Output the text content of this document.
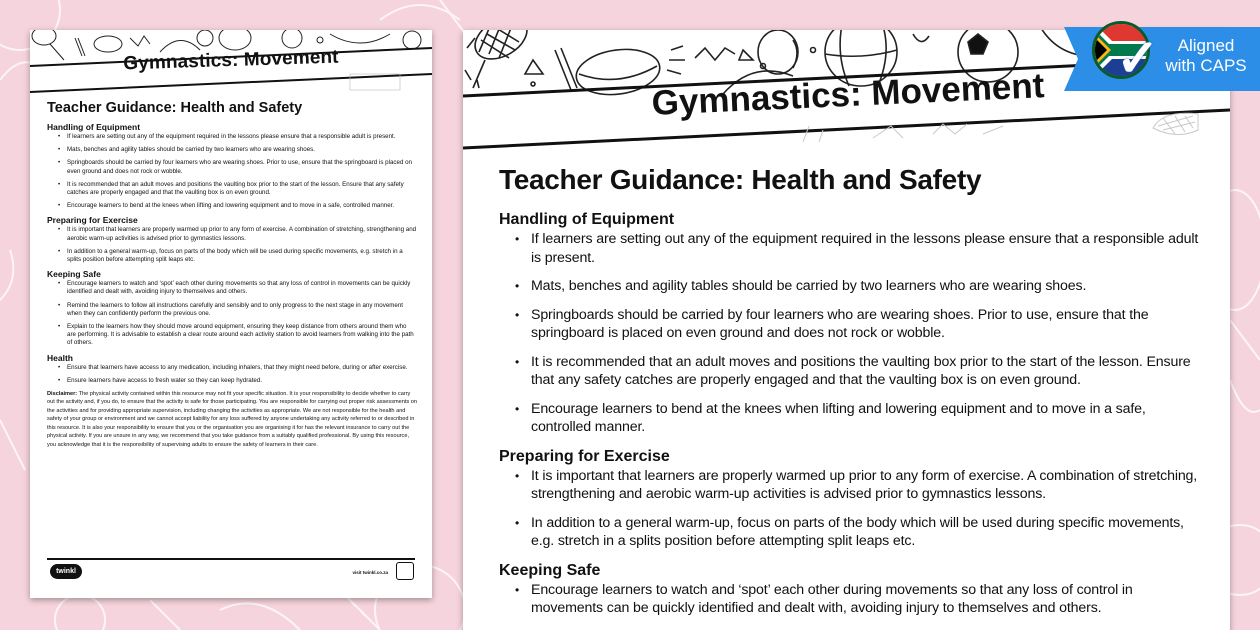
Gymnastics: Movement
Teacher Guidance: Health and Safety
Handling of Equipment
• If learners are setting out any of the equipment required in the lessons please ensure that a responsible adult is present.
• Mats, benches and agility tables should be carried by two learners who are wearing shoes.
• Springboards should be carried by four learners who are wearing shoes. Prior to use, ensure that the springboard is placed on even ground and does not rock or wobble.
• It is recommended that an adult moves and positions the vaulting box prior to the start of the lesson. Ensure that any safety catches are properly engaged and that the vaulting box is on even ground.
• Encourage learners to bend at the knees when lifting and lowering equipment and to move in a safe, controlled manner.
Preparing for Exercise
• It is important that learners are properly warmed up prior to any form of exercise. A combination of stretching, strengthening and aerobic warm-up activities is advised prior to gymnastics lessons.
• In addition to a general warm-up, focus on parts of the body which will be used during specific movements, e.g. stretch in a splits position before attempting split leaps etc.
Keeping Safe
• Encourage learners to watch and ‘spot’ each other during movements so that any loss of control in movements can be quickly identified and dealt with, avoiding injury to themselves and others.
• Remind the learners to follow all instructions carefully and sensibly and to only progress to the next stage in any movement when they can confidently perform the previous one.
• Explain to the learners how they should move around equipment, ensuring they keep distance from others around them who are performing. It is advisable to establish a clear route around each activity station to avoid learners from walking into the path of others.
Health
• Ensure that learners have access to any medication, including inhalers, that they might need before, during or after exercise.
• Ensure learners have access to fresh water so they can keep hydrated.
Disclaimer: The physical activity contained within this resource may not fit your specific situation. It is your responsibility to decide whether to carry out the activity and, if you do, to ensure that the activity is safe for those participating. You are responsible for carrying out proper risk assessments on the activities and for providing appropriate supervision, including changing the activities as appropriate. We are not responsible for the health and safety of your group or environment and we cannot accept liability for any loss suffered by anyone undertaking any activity referred to or described in this resource. It is also your responsibility to ensure that you or the organisation you are organising it for has the relevant insurance to carry out the physical activity. If you are unsure in any way, we recommend that you take guidance from a suitably qualified professional. By using this resource, you acknowledge that it is the responsibility of supervising adults to ensure the safety of learners in their care.
twinkl	visit twinkl.co.za
Gymnastics: Movement
Teacher Guidance: Health and Safety
Handling of Equipment
• If learners are setting out any of the equipment required in the lessons please ensure that a responsible adult is present.
• Mats, benches and agility tables should be carried by two learners who are wearing shoes.
• Springboards should be carried by four learners who are wearing shoes. Prior to use, ensure that the springboard is placed on even ground and does not rock or wobble.
• It is recommended that an adult moves and positions the vaulting box prior to the start of the lesson. Ensure that any safety catches are properly engaged and that the vaulting box is on even ground.
• Encourage learners to bend at the knees when lifting and lowering equipment and to move in a safe, controlled manner.
Preparing for Exercise
• It is important that learners are properly warmed up prior to any form of exercise. A combination of stretching, strengthening and aerobic warm-up activities is advised prior to gymnastics lessons.
• In addition to a general warm-up, focus on parts of the body which will be used during specific movements, e.g. stretch in a splits position before attempting split leaps etc.
Keeping Safe
• Encourage learners to watch and ‘spot’ each other during movements so that any loss of control in movements can be quickly identified and dealt with, avoiding injury to themselves and others.
✓	Aligned
with CAPS
